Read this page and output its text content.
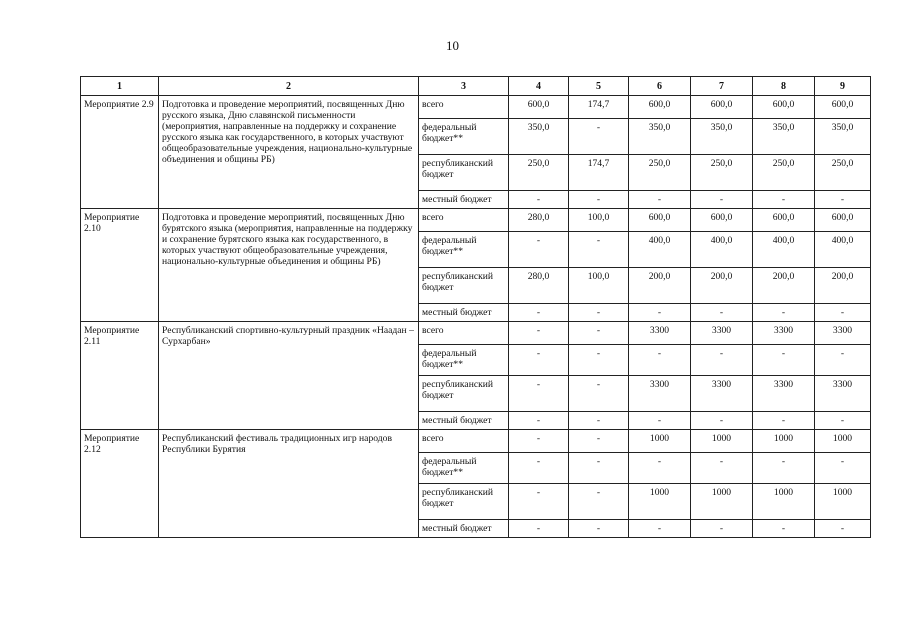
10
1	2	3	4	5	6	7	8	9
Мероприятие 2.9	Подготовка и проведение мероприятий, посвященных Дню русского языка, Дню славянской письменности (мероприятия, направленные на поддержку и сохранение русского языка как государственного, в которых участвуют общеобразовательные учреждения, национально-культурные объединения и общины РБ)	всего	600,0	174,7	600,0	600,0	600,0	600,0
		федеральный бюджет**	350,0	-	350,0	350,0	350,0	350,0
		республиканский бюджет	250,0	174,7	250,0	250,0	250,0	250,0
		местный бюджет	-	-	-	-	-	-
Мероприятие 2.10	Подготовка и проведение мероприятий, посвященных Дню бурятского языка (мероприятия, направленные на поддержку и сохранение бурятского языка как государственного, в которых участвуют общеобразовательные учреждения, национально-культурные объединения и общины РБ)	всего	280,0	100,0	600,0	600,0	600,0	600,0
		федеральный бюджет**	-	-	400,0	400,0	400,0	400,0
		республиканский бюджет	280,0	100,0	200,0	200,0	200,0	200,0
		местный бюджет	-	-	-	-	-	-
Мероприятие 2.11	Республиканский спортивно-культурный праздник «Наадан – Сурхарбан»	всего	-	-	3300	3300	3300	3300
		федеральный бюджет**	-	-	-	-	-	-
		республиканский бюджет	-	-	3300	3300	3300	3300
		местный бюджет	-	-	-	-	-	-
Мероприятие 2.12	Республиканский фестиваль традиционных игр народов Республики Бурятия	всего	-	-	1000	1000	1000	1000
		федеральный бюджет**	-	-	-	-	-	-
		республиканский бюджет	-	-	1000	1000	1000	1000
		местный бюджет	-	-	-	-	-	-
